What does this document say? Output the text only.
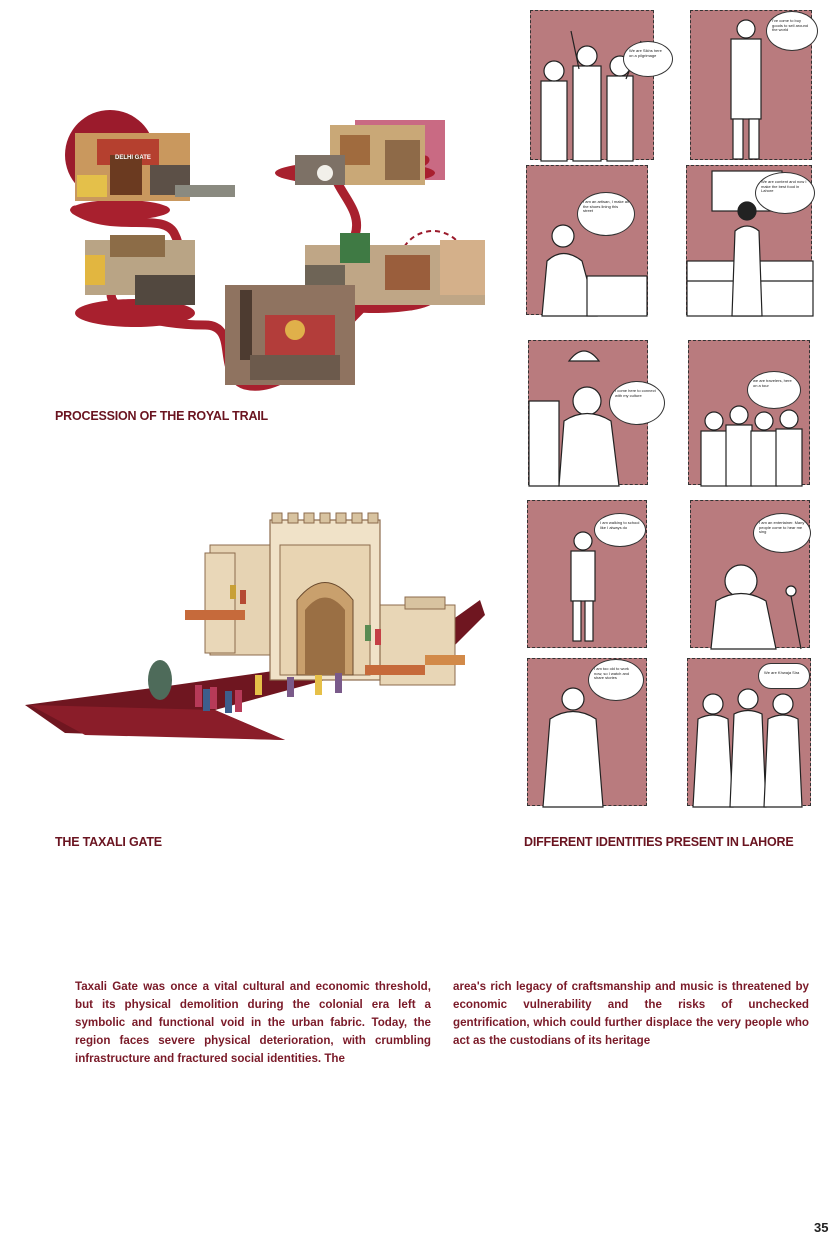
DELHI GATE
PROCESSION OF THE ROYAL TRAIL
THE TAXALI GATE
We are Sikhs here on a pilgrimage
I've come to buy goods to sell around the world
I am an artisan, I make all the shoes lining this street
We are content and now I make the best food in Lahore
I come here to connect with my culture
we are travelers, here on a tour
I am walking to school like I always do
I am an entertainer. Many people come to hear me sing
I am too old to work now, so I watch and share stories
We are Khwaja Sira
DIFFERENT IDENTITIES PRESENT IN LAHORE
Taxali Gate was once a vital cultural and economic threshold, but its physical demolition during the colonial era left a symbolic and functional void in the urban fabric. Today, the region faces severe physical deterioration, with crumbling infrastructure and fractured social identities. The
area's rich legacy of craftsmanship and music is threatened by economic vulnerability and the risks of unchecked gentrification, which could further displace the very people who act as the custodians of its heritage
35
